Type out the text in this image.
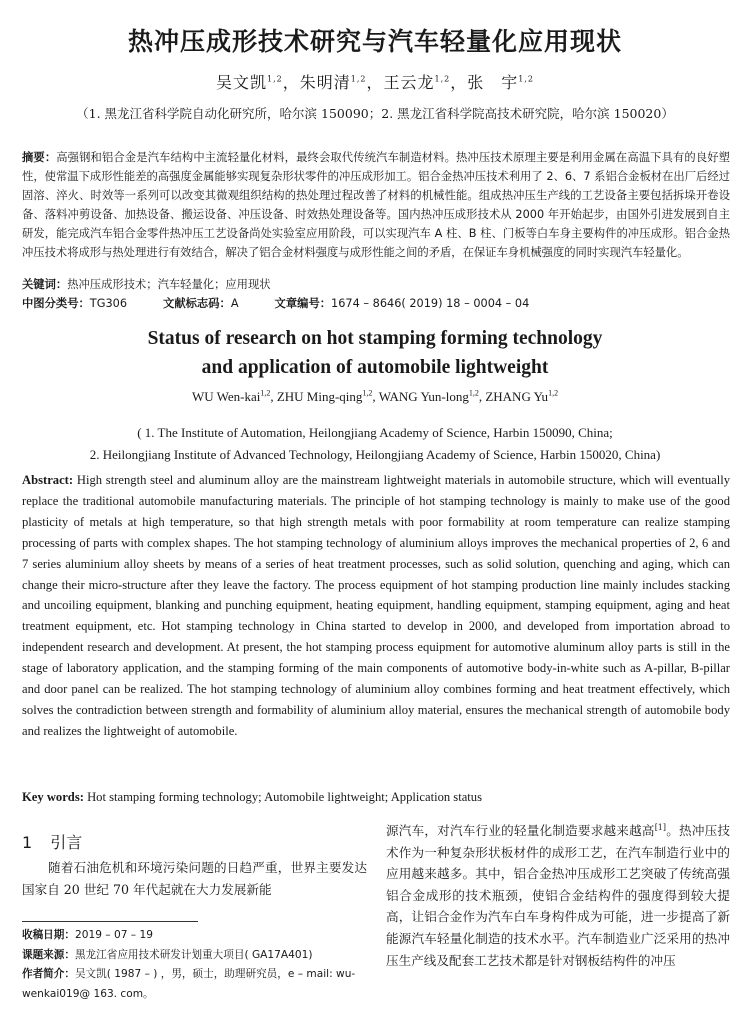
热冲压成形技术研究与汽车轻量化应用现状
吴文凯$^{1,2}$，朱明清$^{1,2}$，王云龙$^{1,2}$，张　宇$^{1,2}$
（1. 黑龙江省科学院自动化研究所，哈尔滨 150090；2. 黑龙江省科学院高技术研究院，哈尔滨 150020）
摘要：高强钢和铝合金是汽车结构中主流轻量化材料，最终会取代传统汽车制造材料。热冲压技术原理主要是利用金属在高温下具有的良好塑性，使常温下成形性能差的高强度金属能够实现复杂形状零件的冲压成形加工。铝合金热冲压技术利用了 2、6、7 系铝合金板材在出厂后经过固溶、淬火、时效等一系列可以改变其微观组织结构的热处理过程改善了材料的机械性能。组成热冲压生产线的工艺设备主要包括拆垛开卷设备、落料冲剪设备、加热设备、搬运设备、冲压设备、时效热处理设备等。国内热冲压成形技术从 2000 年开始起步，由国外引进发展到自主研发，能完成汽车铝合金零件热冲压工艺设备尚处实验室应用阶段，可以实现汽车 A 柱、B 柱、门板等白车身主要构件的冲压成形。铝合金热冲压技术将成形与热处理进行有效结合，解决了铝合金材料强度与成形性能之间的矛盾，在保证车身机械强度的同时实现汽车轻量化。
关键词：热冲压成形技术；汽车轻量化；应用现状
中图分类号：TG306	文献标志码：A	文章编号：1674 – 8646( 2019) 18 – 0004 – 04
Status of research on hot stamping forming technology
and application of automobile lightweight
WU Wen-kai$^{1,2}$, ZHU Ming-qing$^{1,2}$, WANG Yun-long$^{1,2}$, ZHANG Yu$^{1,2}$
( 1. The Institute of Automation, Heilongjiang Academy of Science, Harbin 150090, China;
2. Heilongjiang Institute of Advanced Technology, Heilongjiang Academy of Science, Harbin 150020, China)
Abstract: High strength steel and aluminum alloy are the mainstream lightweight materials in automobile structure, which will eventually replace the traditional automobile manufacturing materials. The principle of hot stamping technology is mainly to make use of the good plasticity of metals at high temperature, so that high strength metals with poor formability at room temperature can realize stamping processing of parts with complex shapes. The hot stamping technology of aluminium alloys improves the mechanical properties of 2, 6 and 7 series aluminium alloy sheets by means of a series of heat treatment processes, such as solid solution, quenching and aging, which can change their micro-structure after they leave the factory. The process equipment of hot stamping production line mainly includes stacking and uncoiling equipment, blanking and punching equipment, heating equipment, handling equipment, stamping equipment, aging and heat treatment equipment, etc. Hot stamping technology in China started to develop in 2000, and developed from importation abroad to independent research and development. At present, the hot stamping process equipment for automotive aluminum alloy parts is still in the stage of laboratory application, and the stamping forming of the main components of automotive body-in-white such as A-pillar, B-pillar and door panel can be realized. The hot stamping technology of aluminium alloy combines forming and heat treatment effectively, which solves the contradiction between strength and formability of aluminium alloy material, ensures the mechanical strength of automobile body and realizes the lightweight of automobile.
Key words: Hot stamping forming technology; Automobile lightweight; Application status
1 引言
随着石油危机和环境污染问题的日趋严重，世界主要发达国家自 20 世纪 70 年代起就在大力发展新能
收稿日期：2019 – 07 – 19
课题来源：黑龙江省应用技术研发计划重大项目( GA17A401)
作者简介：吴文凯( 1987 – ) ，男，硕士，助理研究员，e – mail: wu-wenkai019@ 163. com。
源汽车，对汽车行业的轻量化制造要求越来越高[1]。热冲压技术作为一种复杂形状板材件的成形工艺，在汽车制造行业中的应用越来越多。其中，铝合金热冲压成形工艺突破了传统高强铝合金成形的技术瓶颈，使铝合金结构件的强度得到较大提高，让铝合金作为汽车白车身构件成为可能，进一步提高了新能源汽车轻量化制造的技术水平。汽车制造业广泛采用的热冲压生产线及配套工艺技术都是针对钢板结构件的冲压
